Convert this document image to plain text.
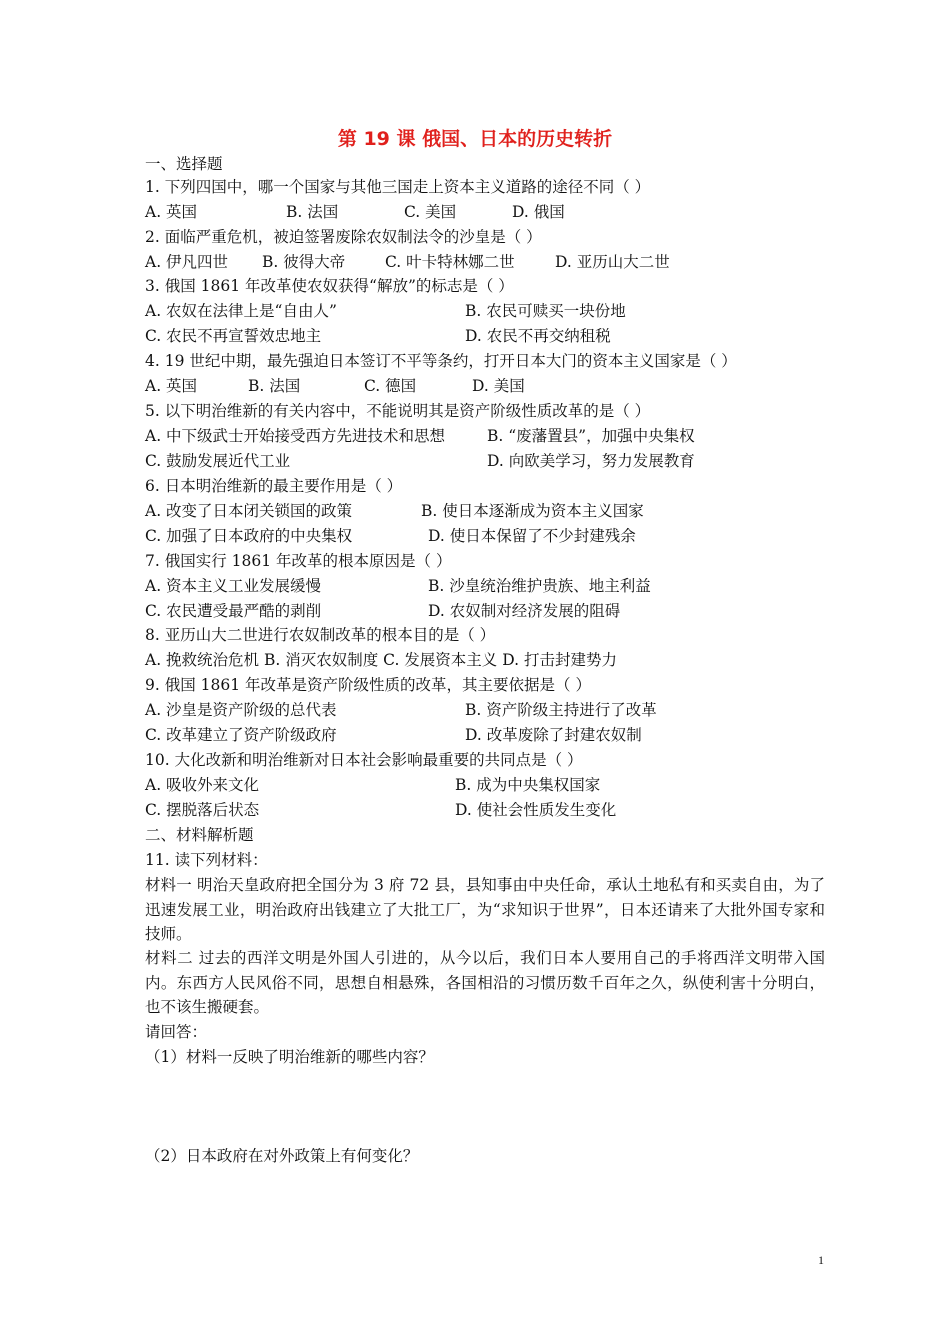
第 19 课 俄国、日本的历史转折
一、选择题
1. 下列四国中，哪一个国家与其他三国走上资本主义道路的途径不同（ ）
A. 英国	B. 法国	C. 美国	D. 俄国
2. 面临严重危机，被迫签署废除农奴制法令的沙皇是（ ）
A. 伊凡四世 B. 彼得大帝	C. 叶卡特林娜二世	D. 亚历山大二世
3. 俄国 1861 年改革使农奴获得“解放”的标志是（ ）
A. 农奴在法律上是“自由人”	B. 农民可赎买一块份地
C. 农民不再宣誓效忠地主	D. 农民不再交纳租税
4. 19 世纪中期，最先强迫日本签订不平等条约，打开日本大门的资本主义国家是（ ）
A. 英国	B. 法国	C. 德国	D. 美国
5. 以下明治维新的有关内容中，不能说明其是资产阶级性质改革的是（ ）
A. 中下级武士开始接受西方先进技术和思想	B. “废藩置县”，加强中央集权
C. 鼓励发展近代工业	D. 向欧美学习，努力发展教育
6. 日本明治维新的最主要作用是（ ）
A. 改变了日本闭关锁国的政策	B. 使日本逐渐成为资本主义国家
C. 加强了日本政府的中央集权	D. 使日本保留了不少封建残余
7. 俄国实行 1861 年改革的根本原因是（ ）
A. 资本主义工业发展缓慢	B. 沙皇统治维护贵族、地主利益
C. 农民遭受最严酷的剥削	D. 农奴制对经济发展的阻碍
8. 亚历山大二世进行农奴制改革的根本目的是（ ）
A. 挽救统治危机 B. 消灭农奴制度 C. 发展资本主义 D. 打击封建势力
9. 俄国 1861 年改革是资产阶级性质的改革，其主要依据是（ ）
A. 沙皇是资产阶级的总代表	B. 资产阶级主持进行了改革
C. 改革建立了资产阶级政府	D. 改革废除了封建农奴制
10. 大化改新和明治维新对日本社会影响最重要的共同点是（ ）
A. 吸收外来文化	B. 成为中央集权国家
C. 摆脱落后状态	D. 使社会性质发生变化
二、材料解析题
11. 读下列材料：
材料一 明治天皇政府把全国分为 3 府 72 县，县知事由中央任命，承认土地私有和买卖自由，为了迅速发展工业，明治政府出钱建立了大批工厂，为“求知识于世界”，日本还请来了大批外国专家和技师。
材料二 过去的西洋文明是外国人引进的，从今以后，我们日本人要用自己的手将西洋文明带入国内。东西方人民风俗不同，思想自相悬殊，各国相沿的习惯历数千百年之久，纵使利害十分明白，也不该生搬硬套。
请回答：
（1）材料一反映了明治维新的哪些内容？
（2）日本政府在对外政策上有何变化？
1
